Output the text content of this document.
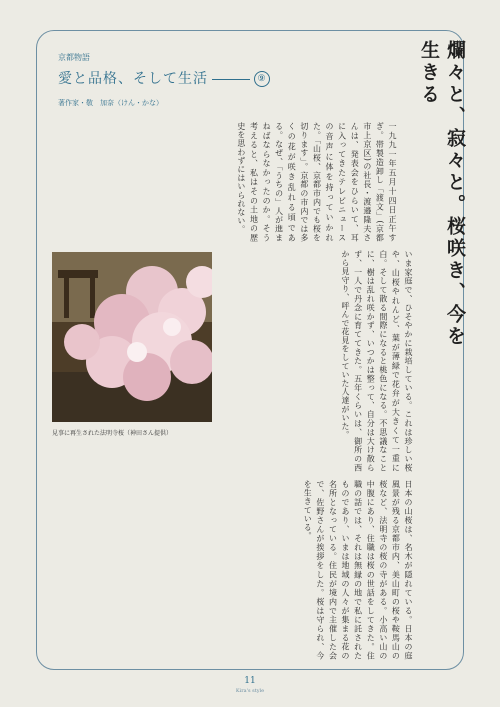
京都物語
愛と品格、そして生活	⑨
著作家・敬　加奈（けん・かな）	爛々と、寂々と。桜咲き、今を生きる
一九九一年五月十四日正午すぎ。帯製造卸し「渡文」(京都市上京区)の社長・渡邉隆夫さんは、発表会をひらいて、耳に入ってきたテレビニュースの音声に体を持っていかれた。「山桜、京都市内でも桜を切ります」。京都の市内では多くの花が咲き乱れる頃である。なぜ、「うちの」人が進まねばならなかったのか。そう考えると、私はその土地の歴史を思わずにはいられない。
いま家庭で、ひそやかに栽培している。これは珍しい桜や、山桜やれんど、葉が薄緑で花弁が大きくて一重に白。そして散る間際になると桃色になる。不思議なことに、樹は乱れ咲かず、いつかは整って、自分は大け散らず、一人で丹念に育ててきた。五年くらいは、御所の西から見守り、呼んで花見をしていた人達がいた。
日本の山桜は、名木が隠れている。日本の庭風景が残る京都市内、美山町の桜や鞍馬山の桜など、法明寺の桜の寺がある。小高い山の中腹にあり、住職は桜の世話をしてきた。住職の話では、それは無縁の地で私に託されたものであり、いまは地域の人々が集まる花の名所となっている。住民が境内で主催した会で、佐野さんが挨拶をした。桜は守られ、今を生きている。
見事に再生された法明寺桜（神田さん提供）
11
Kira's style
